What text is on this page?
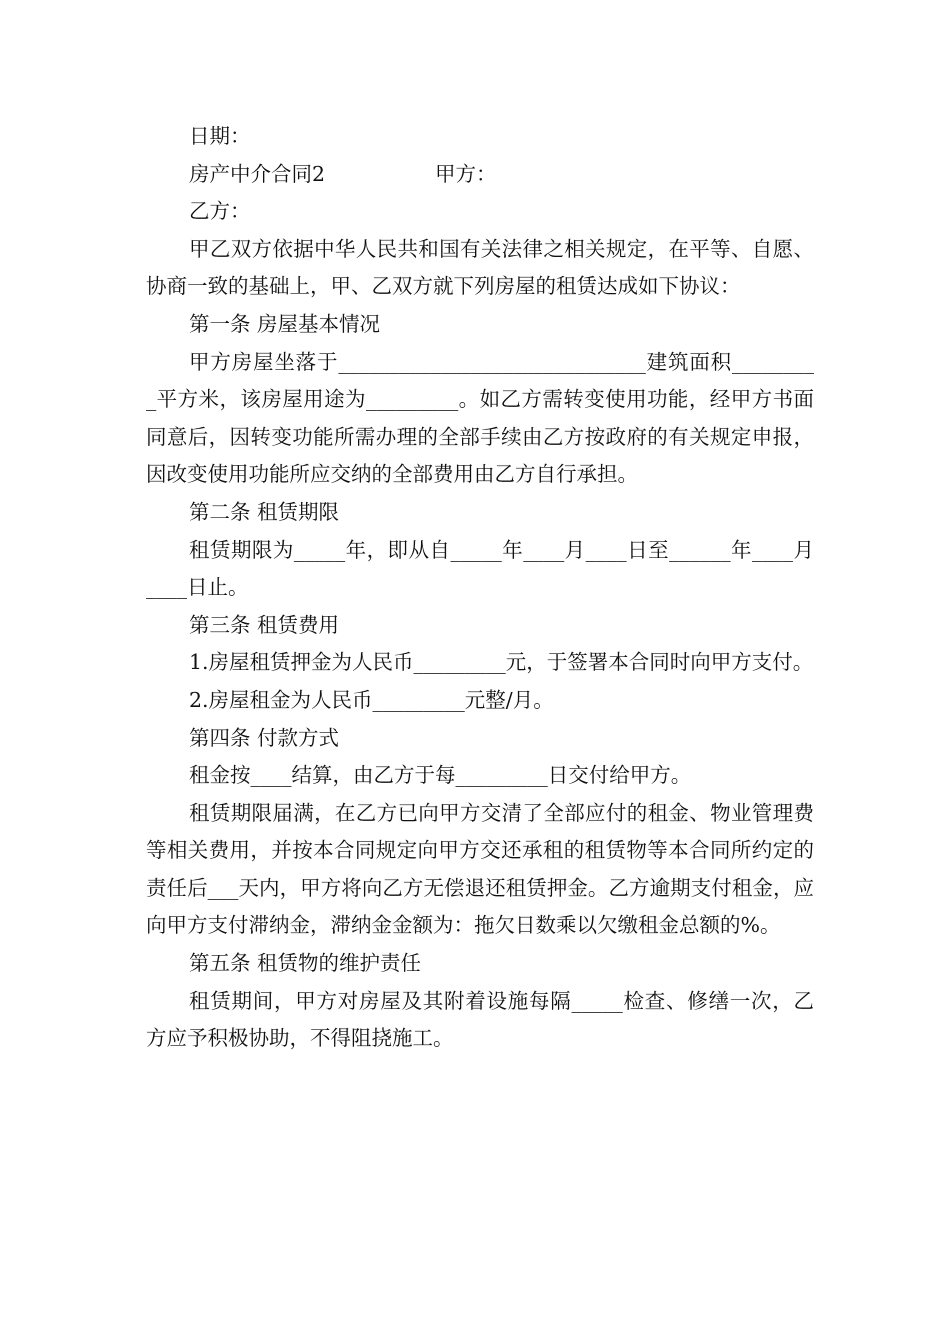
日期：

房产中介合同2	甲方：

乙方：

甲乙双方依据中华人民共和国有关法律之相关规定，在平等、自愿、协商一致的基础上，甲、乙双方就下列房屋的租赁达成如下协议：

第一条 房屋基本情况

甲方房屋坐落于______________________________建筑面积_________平方米，该房屋用途为_________。如乙方需转变使用功能，经甲方书面同意后，因转变功能所需办理的全部手续由乙方按政府的有关规定申报，因改变使用功能所应交纳的全部费用由乙方自行承担。

第二条 租赁期限

租赁期限为_____年，即从自_____年____月____日至______年____月____日止。

第三条 租赁费用

1.房屋租赁押金为人民币_________元，于签署本合同时向甲方支付。

2.房屋租金为人民币_________元整/月。

第四条 付款方式

租金按____结算，由乙方于每_________日交付给甲方。

租赁期限届满，在乙方已向甲方交清了全部应付的租金、物业管理费等相关费用，并按本合同规定向甲方交还承租的租赁物等本合同所约定的责任后___天内，甲方将向乙方无偿退还租赁押金。乙方逾期支付租金，应向甲方支付滞纳金，滞纳金金额为：拖欠日数乘以欠缴租金总额的%。

第五条 租赁物的维护责任

租赁期间，甲方对房屋及其附着设施每隔_____检查、修缮一次，乙方应予积极协助，不得阻挠施工。
